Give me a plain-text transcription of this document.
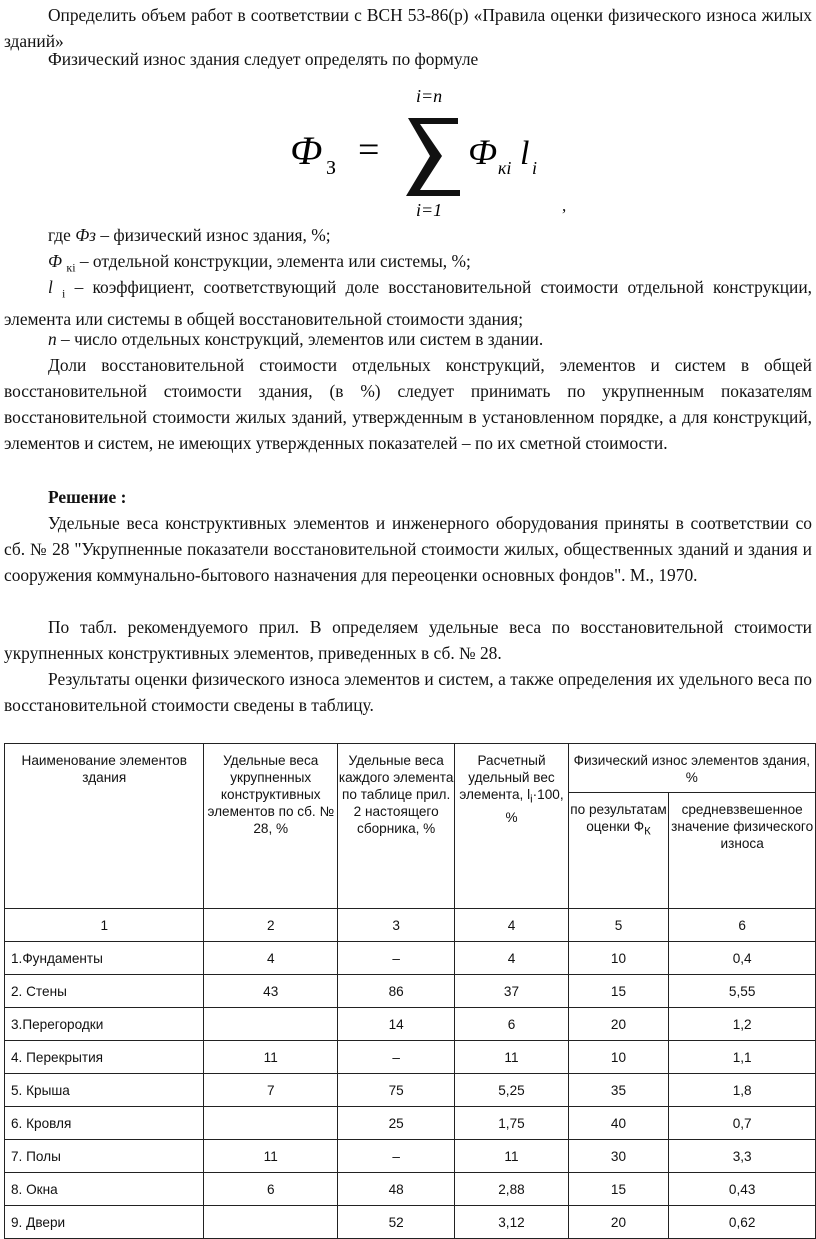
Определить объем работ в соответствии с ВСН 53-86(р) «Правила оценки физического износа жилых зданий»
Физический износ здания следует определять по формуле
Ф З =
i=n
i=1
Ф кi l i
,
где Фз – физический износ здания, %;
Ф $_{кi}$ – отдельной конструкции, элемента или системы, %;
l $_i$ – коэффициент, соответствующий доле восстановительной стоимости отдельной конструкции, элемента или системы в общей восстановительной стоимости здания;
n – число отдельных конструкций, элементов или систем в здании.
Доли восстановительной стоимости отдельных конструкций, элементов и систем в общей восстановительной стоимости здания, (в %) следует принимать по укрупненным показателям восстановительной стоимости жилых зданий, утвержденным в установленном порядке, а для конструкций, элементов и систем, не имеющих утвержденных показателей – по их сметной стоимости.
Решение :
Удельные веса конструктивных элементов и инженерного оборудования приняты в соответствии со сб. № 28 "Укрупненные показатели восстановительной стоимости жилых, общественных зданий и здания и сооружения коммунально-бытового назначения для переоценки основных фондов". М., 1970.
По табл. рекомендуемого прил. В определяем удельные веса по восстановительной стоимости укрупненных конструктивных элементов, приведенных в сб. № 28.
Результаты оценки физического износа элементов и систем, а также определения их удельного веса по восстановительной стоимости сведены в таблицу.
Наименование элементов здания	Удельные веса укрупненных конструктивных элементов по сб. № 28, %	Удельные веса каждого элемента по таблице прил. 2 настоящего сборника, %	Расчетный удельный вес элемента, $l_i\cdot 100$, %	Физический износ элементов здания, %	
				по результатам оценки $Ф_К$	средневзвешенное значение физического износа
1	2	3	4	5	6
1.Фундаменты	4	–	4	10	0,4
2. Стены	43	86	37	15	5,55
3.Перегородки		14	6	20	1,2
4. Перекрытия	11	–	11	10	1,1
5. Крыша	7	75	5,25	35	1,8
6. Кровля		25	1,75	40	0,7
7. Полы	11	–	11	30	3,3
8. Окна	6	48	2,88	15	0,43
9. Двери		52	3,12	20	0,62
